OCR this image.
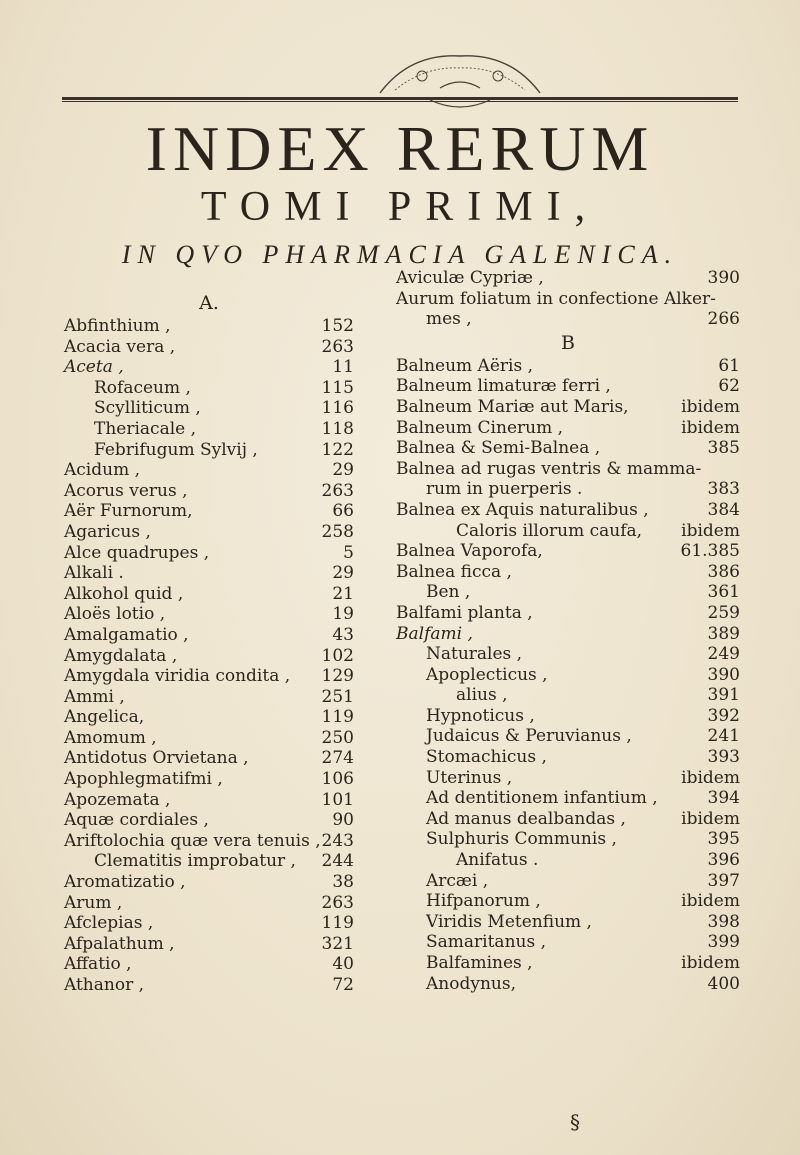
INDEX RERUM
TOMI PRIMI,
IN QVO PHARMACIA GALENICA.
A.
Abfinthium ,	152
Acacia vera ,	263
Aceta ,	11
Rofaceum ,	115
Scylliticum ,	116
Theriacale ,	118
Febrifugum Sylvij ,	122
Acidum ,	29
Acorus verus ,	263
Aër Furnorum,	66
Agaricus ,	258
Alce quadrupes ,	5
Alkali .	29
Alkohol quid ,	21
Aloës lotio ,	19
Amalgamatio ,	43
Amygdalata ,	102
Amygdala viridia condita , 129
Ammi ,	251
Angelica,	119
Amomum ,	250
Antidotus Orvietana ,	274
Apophlegmatifmi ,	106
Apozemata ,	101
Aquæ cordiales ,	90
Ariftolochia quæ vera tenuis , 243
Clematitis improbatur , 244
Aromatizatio ,	38
Arum ,	263
Afclepias ,	119
Afpalathum ,	321
Affatio ,	40
Athanor ,	72
Aviculæ Cypriæ ,	390
Aurum foliatum in confectione Alker-
mes ,	266
B
Balneum Aëris ,	61
Balneum limaturæ ferri ,	62
Balneum Mariæ aut Maris,	ibidem
Balneum Cinerum ,	ibidem
Balnea & Semi-Balnea ,	385
Balnea ad rugas ventris & mamma-
rum in puerperis .	383
Balnea ex Aquis naturalibus ,	384
Caloris illorum caufa, ibidem
Balnea Vaporofa,	61.385
Balnea ficca ,	386
Ben ,	361
Balfami planta ,	259
Balfami ,	389
Naturales ,	249
Apoplecticus ,	390
alius ,	391
Hypnoticus ,	392
Judaicus & Peruvianus ,	241
Stomachicus ,	393
Uterinus ,	ibidem
Ad dentitionem infantium ,	394
Ad manus dealbandas ,	ibidem
Sulphuris Communis ,	395
Anifatus .	396
Arcæi ,	397
Hifpanorum ,	ibidem
Viridis Metenfium ,	398
Samaritanus ,	399
Balfamines ,	ibidem
Anodynus,	400
§
